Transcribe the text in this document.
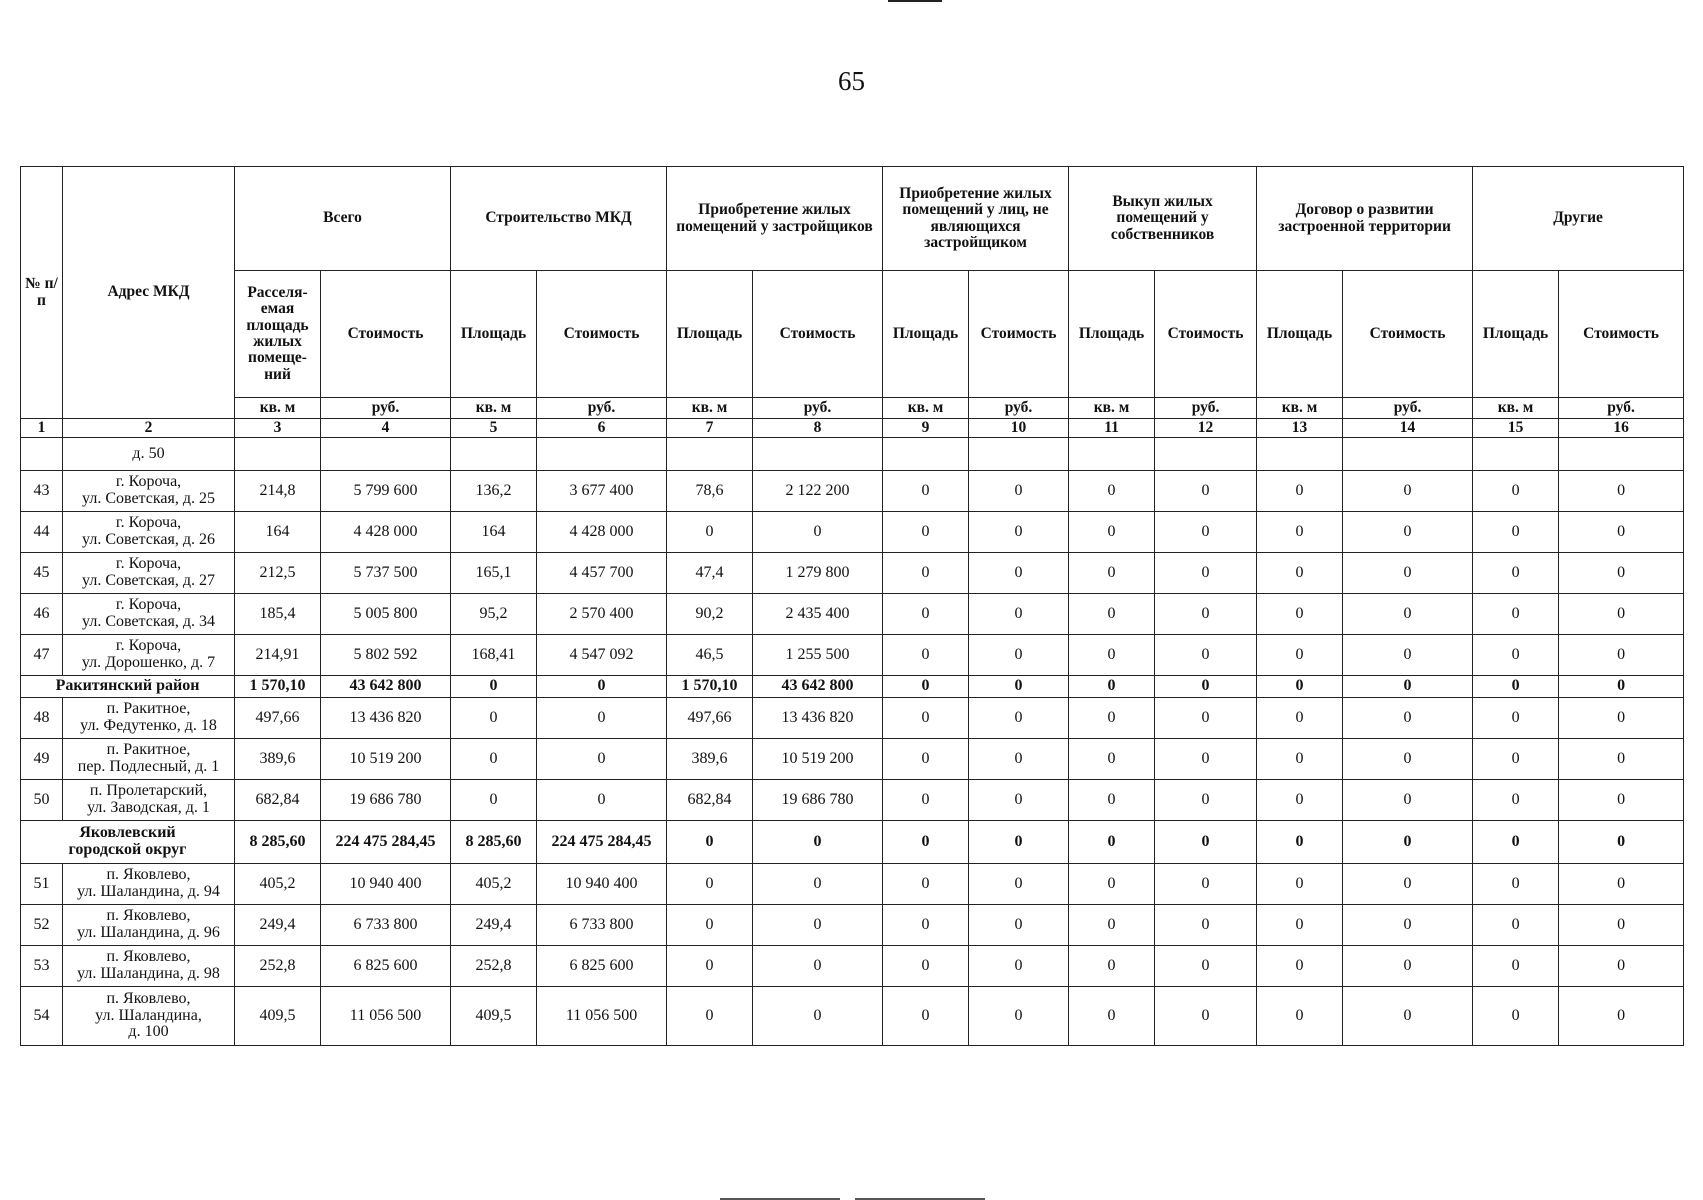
65
№ п/п	Адрес МКД	Всего		Строительство МКД		Приобретение жилых помещений у застройщиков		Приобретение жилых помещений у лиц, не являющихся застройщиком		Выкуп жилых помещений у собственников		Договор о развитии застроенной территории		Другие	
		Расселя-емая площадь жилых помеще-ний	Стоимость	Площадь	Стоимость	Площадь	Стоимость	Площадь	Стоимость	Площадь	Стоимость	Площадь	Стоимость	Площадь	Стоимость
		кв. м	руб.	кв. м	руб.	кв. м	руб.	кв. м	руб.	кв. м	руб.	кв. м	руб.	кв. м	руб.
1	2	3	4	5	6	7	8	9	10	11	12	13	14	15	16
	д. 50														
43	г. Короча,
ул. Советская, д. 25	214,8	5 799 600	136,2	3 677 400	78,6	2 122 200	0	0	0	0	0	0	0	0
44	г. Короча,
ул. Советская, д. 26	164	4 428 000	164	4 428 000	0	0	0	0	0	0	0	0	0	0
45	г. Короча,
ул. Советская, д. 27	212,5	5 737 500	165,1	4 457 700	47,4	1 279 800	0	0	0	0	0	0	0	0
46	г. Короча,
ул. Советская, д. 34	185,4	5 005 800	95,2	2 570 400	90,2	2 435 400	0	0	0	0	0	0	0	0
47	г. Короча,
ул. Дорошенко, д. 7	214,91	5 802 592	168,41	4 547 092	46,5	1 255 500	0	0	0	0	0	0	0	0
Ракитянский район		1 570,10	43 642 800	0	0	1 570,10	43 642 800	0	0	0	0	0	0	0	0
48	п. Ракитное,
ул. Федутенко, д. 18	497,66	13 436 820	0	0	497,66	13 436 820	0	0	0	0	0	0	0	0
49	п. Ракитное,
пер. Подлесный, д. 1	389,6	10 519 200	0	0	389,6	10 519 200	0	0	0	0	0	0	0	0
50	п. Пролетарский,
ул. Заводская, д. 1	682,84	19 686 780	0	0	682,84	19 686 780	0	0	0	0	0	0	0	0
Яковлевский
городской округ		8 285,60	224 475 284,45	8 285,60	224 475 284,45	0	0	0	0	0	0	0	0	0	0
51	п. Яковлево,
ул. Шаландина, д. 94	405,2	10 940 400	405,2	10 940 400	0	0	0	0	0	0	0	0	0	0
52	п. Яковлево,
ул. Шаландина, д. 96	249,4	6 733 800	249,4	6 733 800	0	0	0	0	0	0	0	0	0	0
53	п. Яковлево,
ул. Шаландина, д. 98	252,8	6 825 600	252,8	6 825 600	0	0	0	0	0	0	0	0	0	0
54	п. Яковлево,
ул. Шаландина,
д. 100	409,5	11 056 500	409,5	11 056 500	0	0	0	0	0	0	0	0	0	0
